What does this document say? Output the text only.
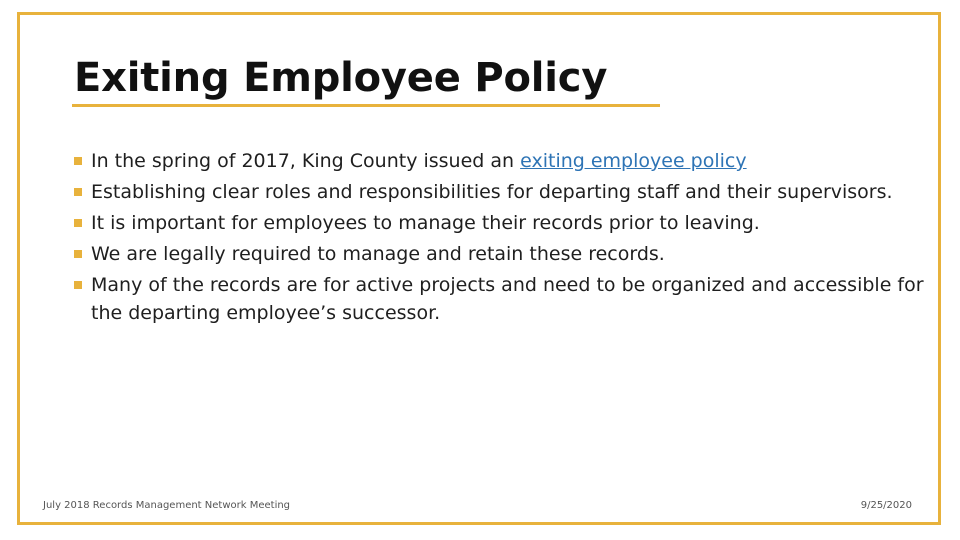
Exiting Employee Policy
In the spring of 2017, King County issued an exiting employee policy
Establishing clear roles and responsibilities for departing staff and their supervisors.
It is important for employees to manage their records prior to leaving.
We are legally required to manage and retain these records.
Many of the records are for active projects and need to be organized and accessible for the departing employee’s successor.
July 2018 Records Management Network Meeting	9/25/2020
